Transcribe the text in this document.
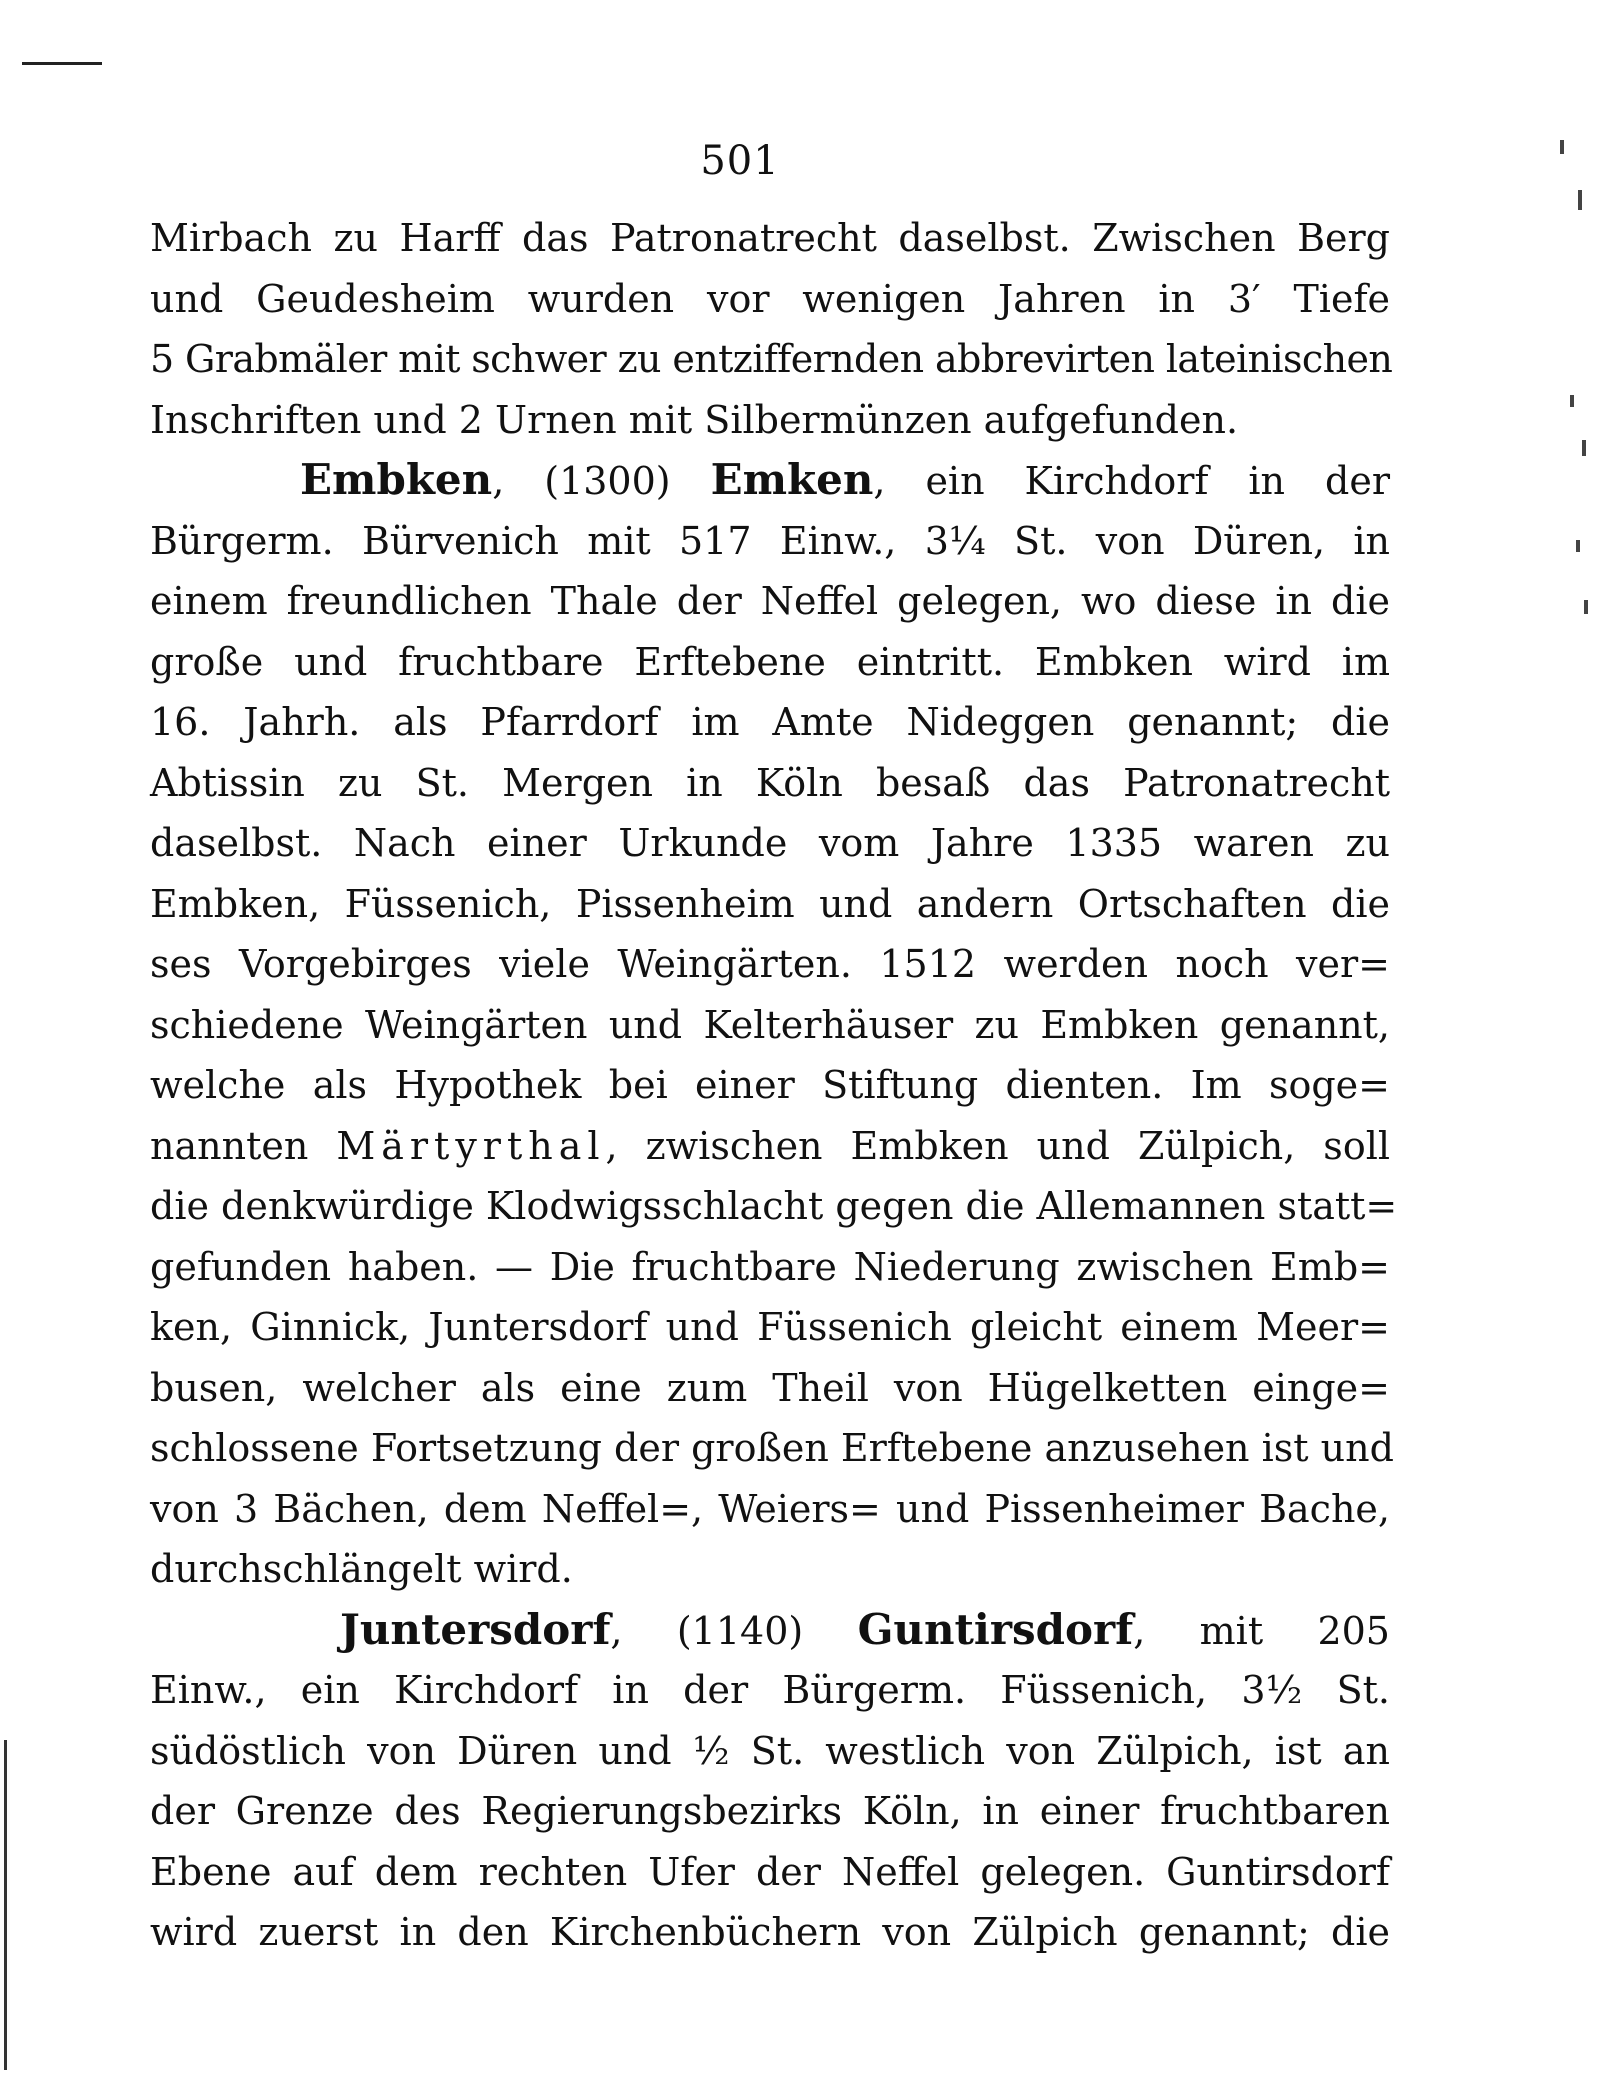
501
Mirbach zu Harff das Patronatrecht daselbst. Zwischen Berg
und Geudesheim wurden vor wenigen Jahren in 3′ Tiefe
5 Grabmäler mit schwer zu entziffernden abbrevirten lateinischen
Inschriften und 2 Urnen mit Silbermünzen aufgefunden.
Embken, (1300) Emken, ein Kirchdorf in der
Bürgerm. Bürvenich mit 517 Einw., 3¼ St. von Düren, in
einem freundlichen Thale der Neffel gelegen, wo diese in die
große und fruchtbare Erftebene eintritt. Embken wird im
16. Jahrh. als Pfarrdorf im Amte Nideggen genannt; die
Abtissin zu St. Mergen in Köln besaß das Patronatrecht
daselbst. Nach einer Urkunde vom Jahre 1335 waren zu
Embken, Füssenich, Pissenheim und andern Ortschaften die
ses Vorgebirges viele Weingärten. 1512 werden noch ver=
schiedene Weingärten und Kelterhäuser zu Embken genannt,
welche als Hypothek bei einer Stiftung dienten. Im soge=
nannten Märtyrthal, zwischen Embken und Zülpich, soll
die denkwürdige Klodwigsschlacht gegen die Allemannen statt=
gefunden haben. — Die fruchtbare Niederung zwischen Emb=
ken, Ginnick, Juntersdorf und Füssenich gleicht einem Meer=
busen, welcher als eine zum Theil von Hügelketten einge=
schlossene Fortsetzung der großen Erftebene anzusehen ist und
von 3 Bächen, dem Neffel=, Weiers= und Pissenheimer Bache,
durchschlängelt wird.
Juntersdorf, (1140) Guntirsdorf, mit 205
Einw., ein Kirchdorf in der Bürgerm. Füssenich, 3½ St.
südöstlich von Düren und ½ St. westlich von Zülpich, ist an
der Grenze des Regierungsbezirks Köln, in einer fruchtbaren
Ebene auf dem rechten Ufer der Neffel gelegen. Guntirsdorf
wird zuerst in den Kirchenbüchern von Zülpich genannt; die
